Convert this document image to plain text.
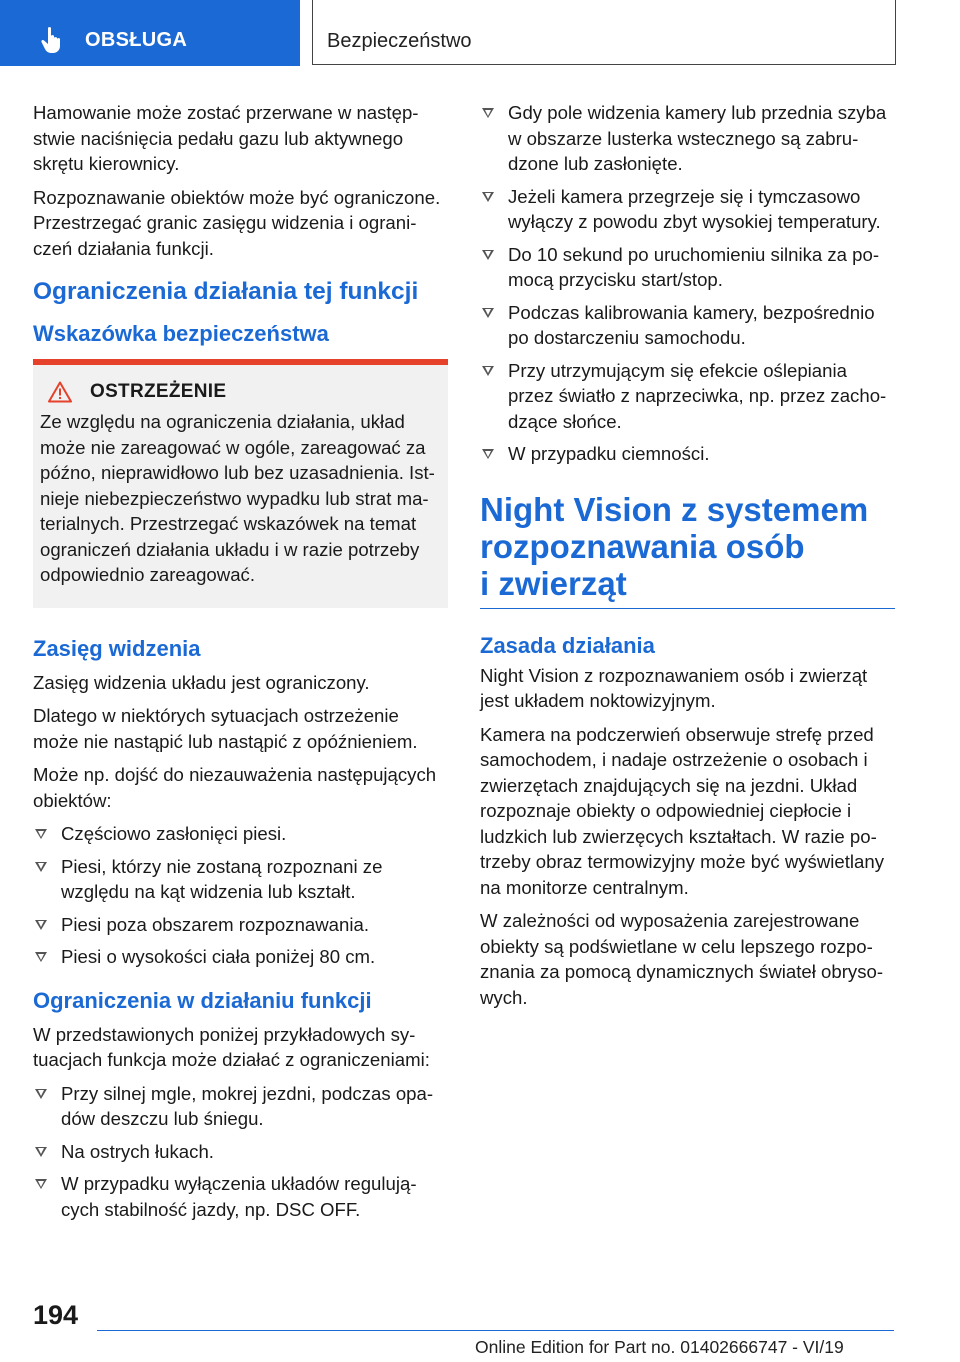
OBSŁUGA	Bezpieczeństwo

Hamowanie może zostać przerwane w następstwie naciśnięcia pedału gazu lub aktywnego skrętu kierownicy.

Rozpoznawanie obiektów może być ograniczone. Przestrzegać granic zasięgu widzenia i ograniczeń działania funkcji.

Ograniczenia działania tej funkcji
Wskazówka bezpieczeństwa
OSTRZEŻENIE

Ze względu na ograniczenia działania, układ może nie zareagować w ogóle, zareagować za późno, nieprawidłowo lub bez uzasadnienia. Istnieje niebezpieczeństwo wypadku lub strat materialnych. Przestrzegać wskazówek na temat ograniczeń działania układu i w razie potrzeby odpowiednio zareagować.

Zasięg widzenia

Zasięg widzenia układu jest ograniczony.

Dlatego w niektórych sytuacjach ostrzeżenie może nie nastąpić lub nastąpić z opóźnieniem.

Może np. dojść do niezauważenia następujących obiektów:

Częściowo zasłonięci piesi.
Piesi, którzy nie zostaną rozpoznani ze względu na kąt widzenia lub kształt.
Piesi poza obszarem rozpoznawania.
Piesi o wysokości ciała poniżej 80 cm.
Ograniczenia w działaniu funkcji

W przedstawionych poniżej przykładowych sytuacjach funkcja może działać z ograniczeniami:

Przy silnej mgle, mokrej jezdni, podczas opadów deszczu lub śniegu.
Na ostrych łukach.
W przypadku wyłączenia układów regulujących stabilność jazdy, np. DSC OFF.
Gdy pole widzenia kamery lub przednia szyba w obszarze lusterka wstecznego są zabrudzone lub zasłonięte.
Jeżeli kamera przegrzeje się i tymczasowo wyłączy z powodu zbyt wysokiej temperatury.
Do 10 sekund po uruchomieniu silnika za pomocą przycisku start/stop.
Podczas kalibrowania kamery, bezpośrednio po dostarczeniu samochodu.
Przy utrzymującym się efekcie oślepiania przez światło z naprzeciwka, np. przez zachodzące słońce.
W przypadku ciemności.
Night Vision z systemem
rozpoznawania osób
i zwierząt
Zasada działania

Night Vision z rozpoznawaniem osób i zwierząt jest układem noktowizyjnym.

Kamera na podczerwień obserwuje strefę przed samochodem, i nadaje ostrzeżenie o osobach i zwierzętach znajdujących się na jezdni. Układ rozpoznaje obiekty o odpowiedniej ciepłocie i ludzkich lub zwierzęcych kształtach. W razie potrzeby obraz termowizyjny może być wyświetlany na monitorze centralnym.

W zależności od wyposażenia zarejestrowane obiekty są podświetlane w celu lepszego rozpoznania za pomocą dynamicznych świateł obrysowych.

194
Online Edition for Part no. 01402666747 - VI/19
